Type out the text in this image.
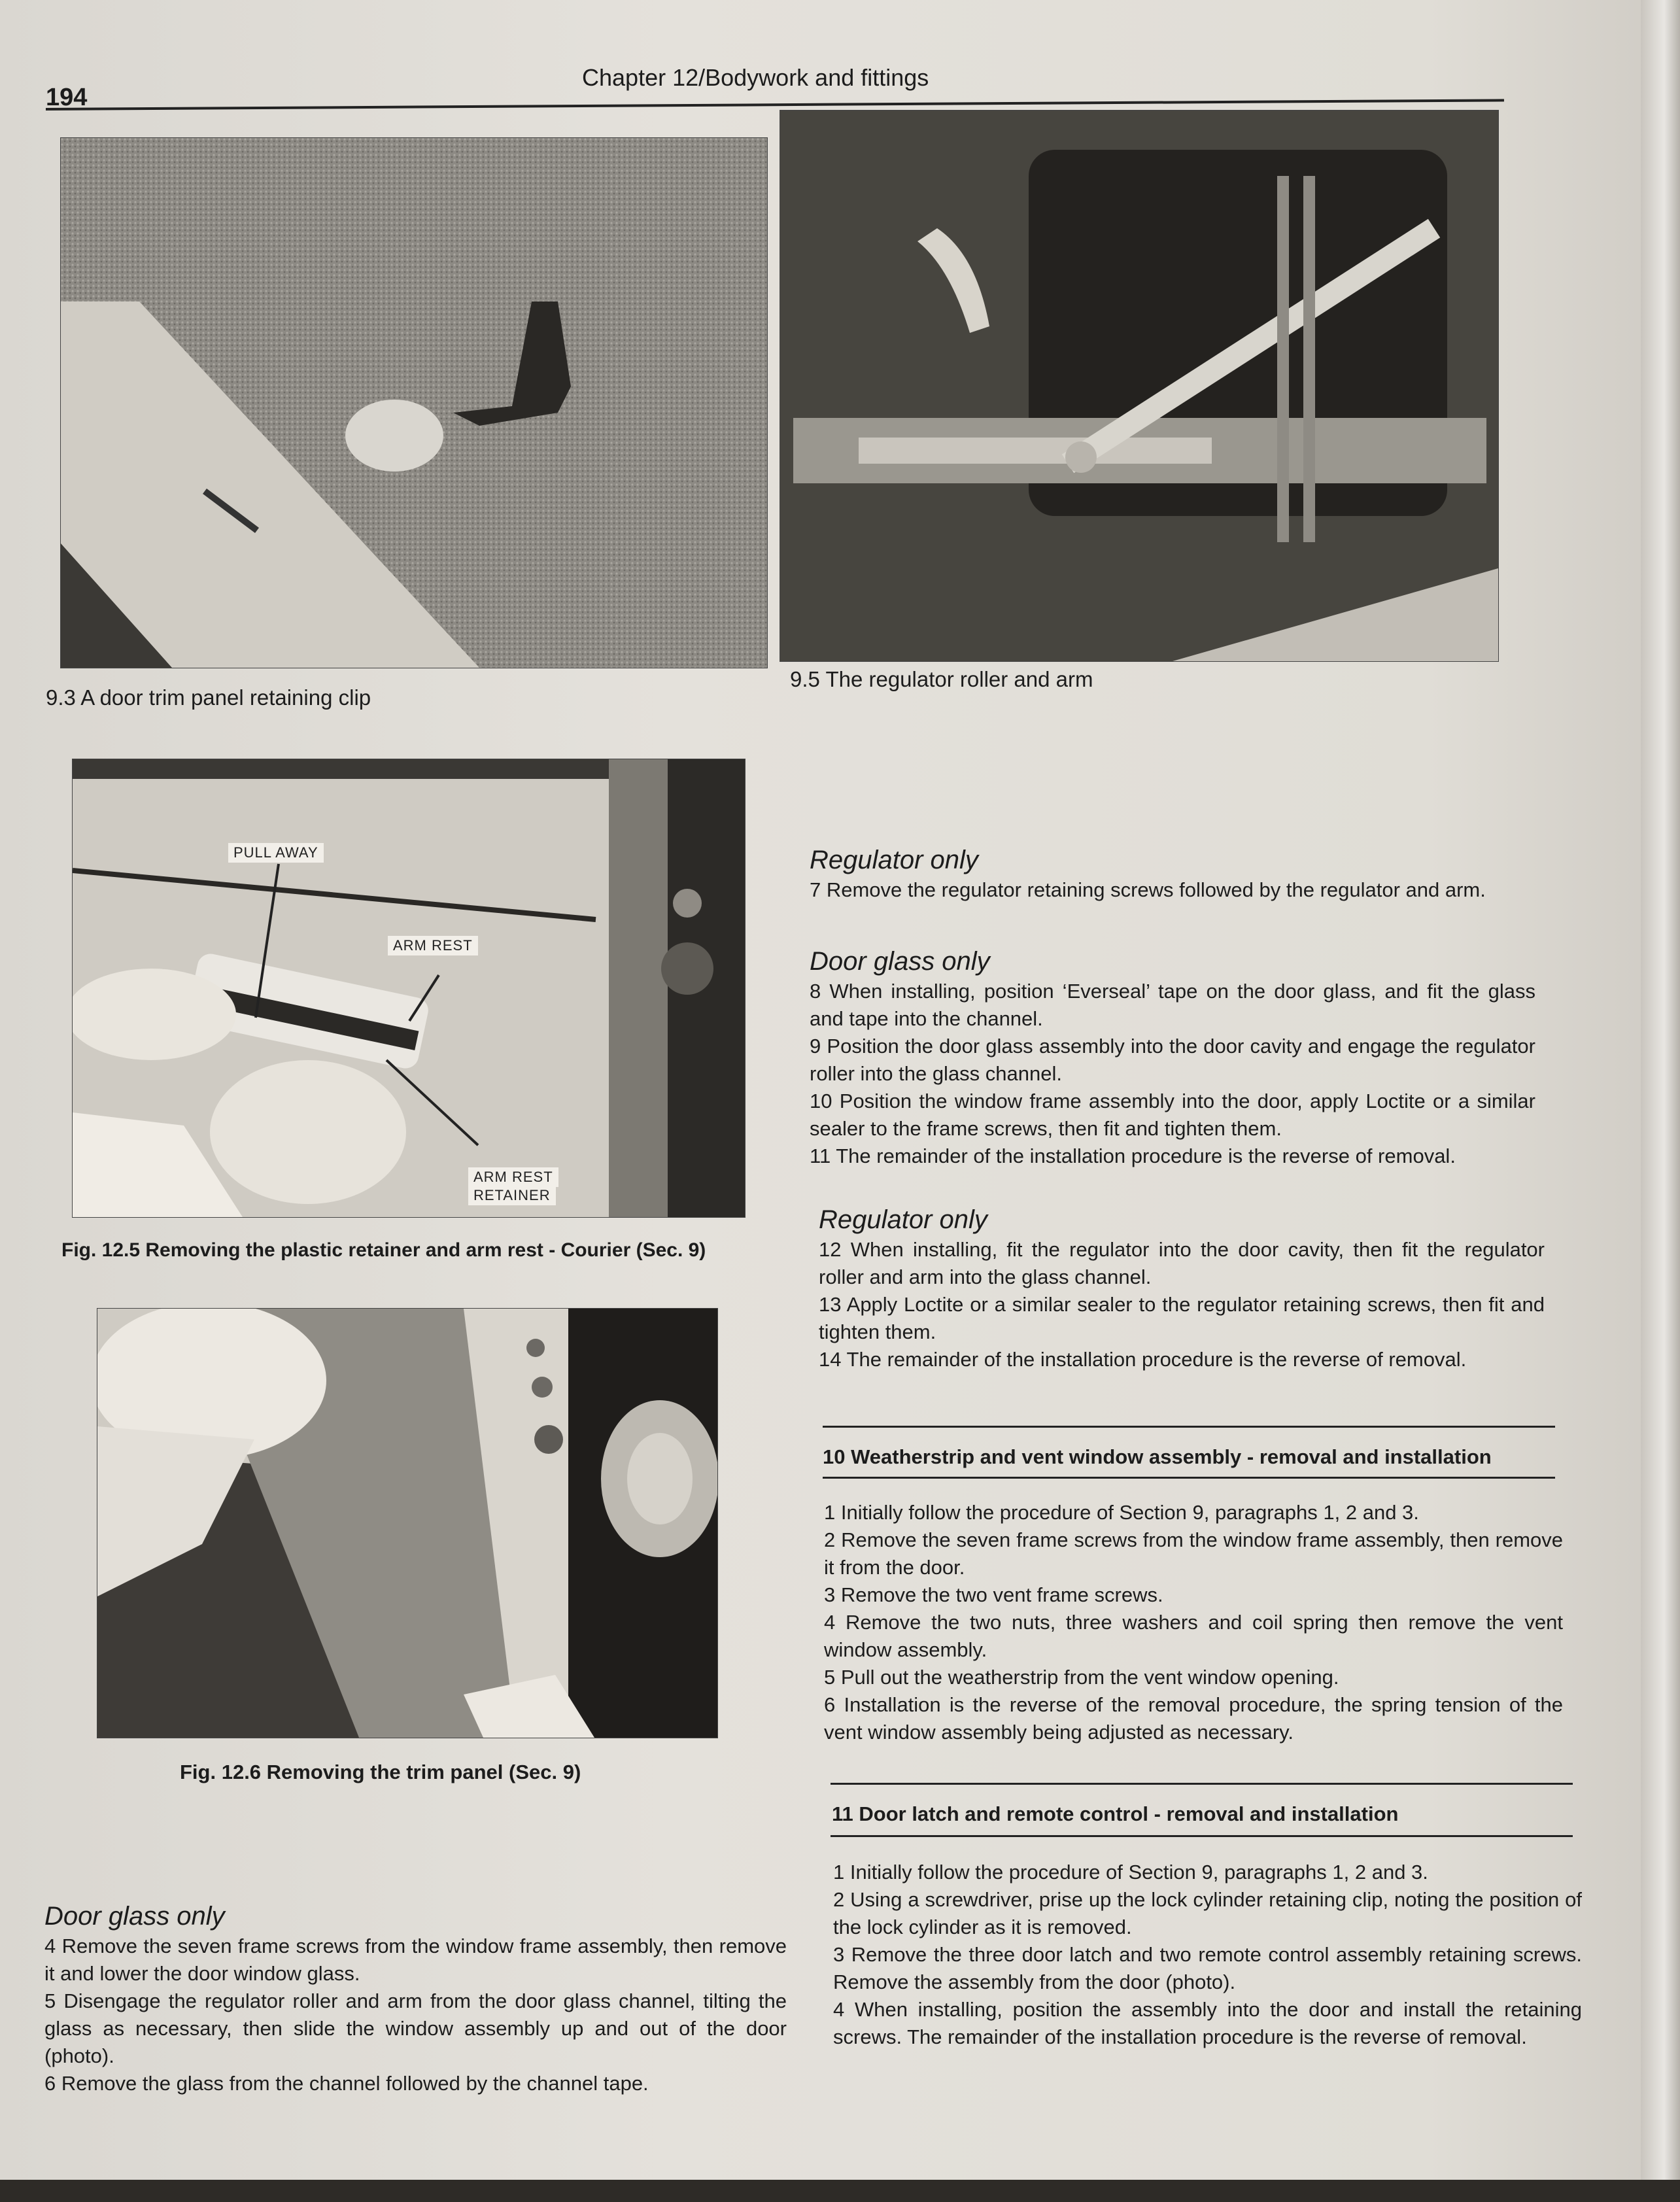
194
Chapter 12/Bodywork and fittings
9.3 A door trim panel retaining clip
9.5 The regulator roller and arm
PULL AWAY
ARM REST
ARM REST
RETAINER
Fig. 12.5 Removing the plastic retainer and arm rest - Courier (Sec. 9)
Fig. 12.6 Removing the trim panel (Sec. 9)

Door glass only

4 Remove the seven frame screws from the window frame assembly, then remove it and lower the door window glass.

5 Disengage the regulator roller and arm from the door glass channel, tilting the glass as necessary, then slide the window assembly up and out of the door (photo).

6 Remove the glass from the channel followed by the channel tape.

Regulator only

7 Remove the regulator retaining screws followed by the regulator and arm.

Door glass only

8 When installing, position ‘Everseal’ tape on the door glass, and fit the glass and tape into the channel.

9 Position the door glass assembly into the door cavity and engage the regulator roller into the glass channel.

10 Position the window frame assembly into the door, apply Loctite or a similar sealer to the frame screws, then fit and tighten them.

11 The remainder of the installation procedure is the reverse of removal.

Regulator only

12 When installing, fit the regulator into the door cavity, then fit the regulator roller and arm into the glass channel.

13 Apply Loctite or a similar sealer to the regulator retaining screws, then fit and tighten them.

14 The remainder of the installation procedure is the reverse of removal.

10 Weatherstrip and vent window assembly - removal and installation

1 Initially follow the procedure of Section 9, paragraphs 1, 2 and 3.

2 Remove the seven frame screws from the window frame assembly, then remove it from the door.

3 Remove the two vent frame screws.

4 Remove the two nuts, three washers and coil spring then remove the vent window assembly.

5 Pull out the weatherstrip from the vent window opening.

6 Installation is the reverse of the removal procedure, the spring tension of the vent window assembly being adjusted as necessary.

11 Door latch and remote control - removal and installation

1 Initially follow the procedure of Section 9, paragraphs 1, 2 and 3.

2 Using a screwdriver, prise up the lock cylinder retaining clip, noting the position of the lock cylinder as it is removed.

3 Remove the three door latch and two remote control assembly retaining screws. Remove the assembly from the door (photo).

4 When installing, position the assembly into the door and install the retaining screws. The remainder of the installation procedure is the reverse of removal.
